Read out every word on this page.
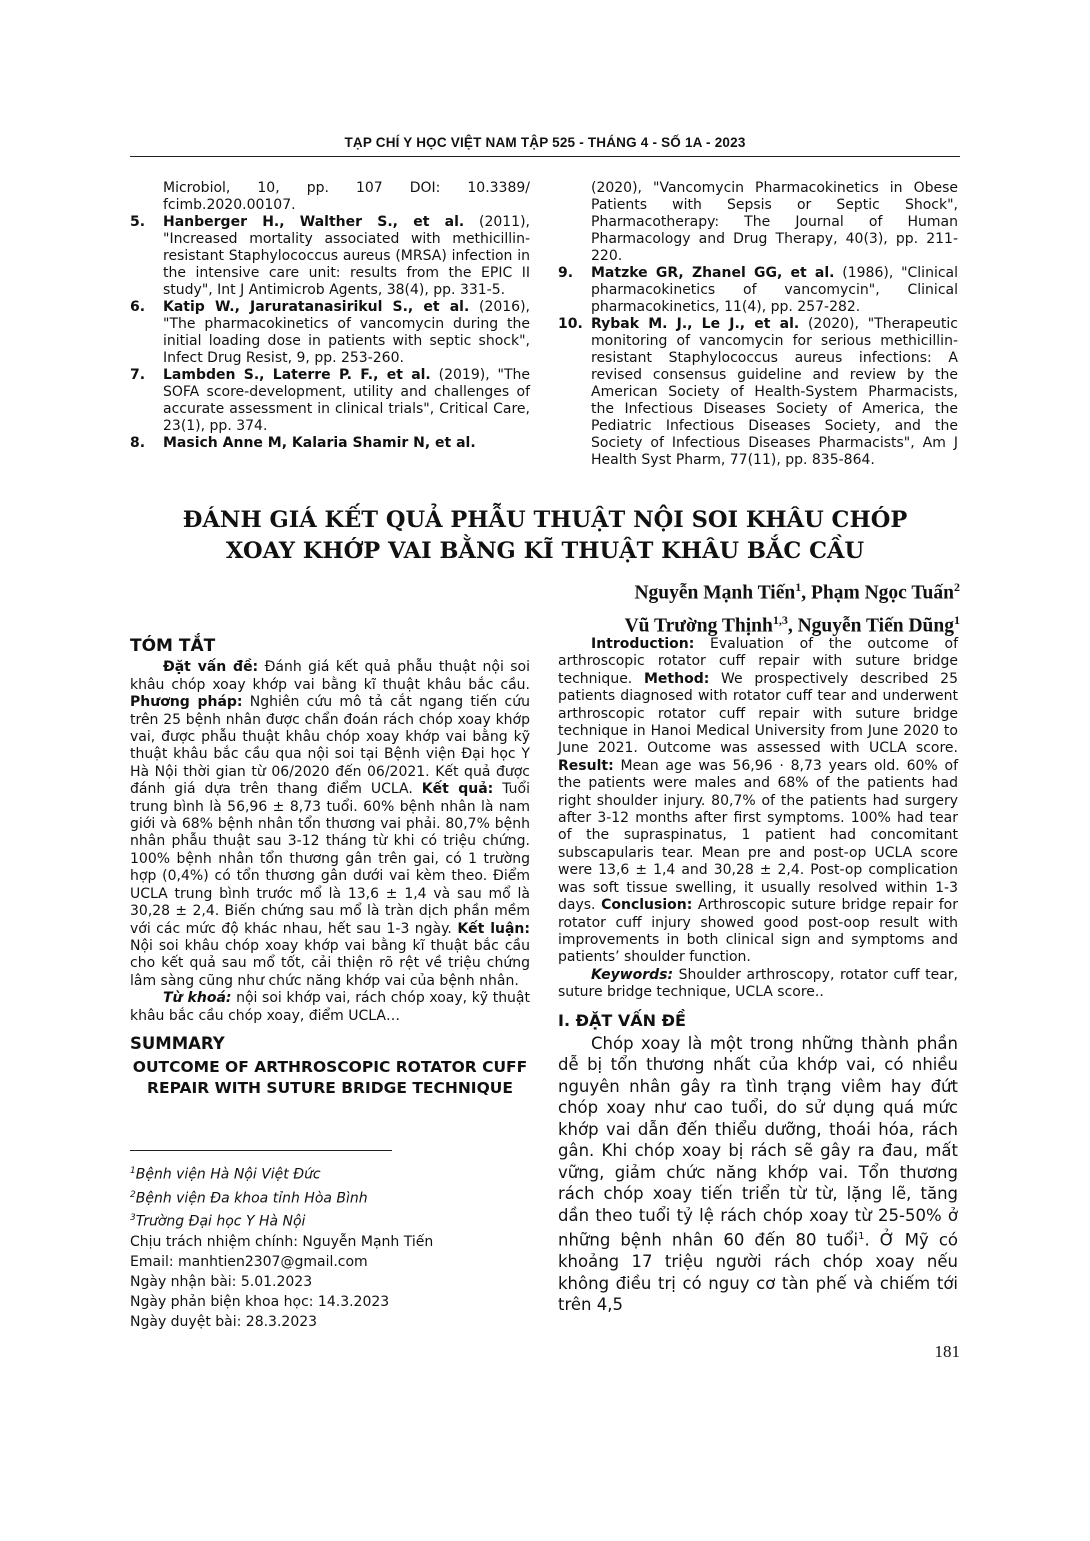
TẠP CHÍ Y HỌC VIỆT NAM TẬP 525 - THÁNG 4 - SỐ 1A - 2023
Microbiol, 10, pp. 107 DOI: 10.3389/ fcimb.2020.00107.
5.	Hanberger H., Walther S., et al. (2011), "Increased mortality associated with methicillin-resistant Staphylococcus aureus (MRSA) infection in the intensive care unit: results from the EPIC II study", Int J Antimicrob Agents, 38(4), pp. 331-5.
6.	Katip W., Jaruratanasirikul S., et al. (2016), "The pharmacokinetics of vancomycin during the initial loading dose in patients with septic shock", Infect Drug Resist, 9, pp. 253-260.
7.	Lambden S., Laterre P. F., et al. (2019), "The SOFA score-development, utility and challenges of accurate assessment in clinical trials", Critical Care, 23(1), pp. 374.
8.	Masich Anne M, Kalaria Shamir N, et al.
(2020), "Vancomycin Pharmacokinetics in Obese Patients with Sepsis or Septic Shock", Pharmacotherapy: The Journal of Human Pharmacology and Drug Therapy, 40(3), pp. 211-220.
9.	Matzke GR, Zhanel GG, et al. (1986), "Clinical pharmacokinetics of vancomycin", Clinical pharmacokinetics, 11(4), pp. 257-282.
10. Rybak M. J., Le J., et al. (2020), "Therapeutic monitoring of vancomycin for serious methicillin-resistant Staphylococcus aureus infections: A revised consensus guideline and review by the American Society of Health-System Pharmacists, the Infectious Diseases Society of America, the Pediatric Infectious Diseases Society, and the Society of Infectious Diseases Pharmacists", Am J Health Syst Pharm, 77(11), pp. 835-864.
ĐÁNH GIÁ KẾT QUẢ PHẪU THUẬT NỘI SOI KHÂU CHÓP
XOAY KHỚP VAI BẰNG KĨ THUẬT KHÂU BẮC CẦU
Nguyễn Mạnh Tiến$^1$, Phạm Ngọc Tuấn$^2$
Vũ Trường Thịnh$^{1,3}$, Nguyễn Tiến Dũng$^1$
TÓM TẮT

Đặt vấn đề: Đánh giá kết quả phẫu thuật nội soi khâu chóp xoay khớp vai bằng kĩ thuật khâu bắc cầu. Phương pháp: Nghiên cứu mô tả cắt ngang tiến cứu trên 25 bệnh nhân được chẩn đoán rách chóp xoay khớp vai, được phẫu thuật khâu chóp xoay khớp vai bằng kỹ thuật khâu bắc cầu qua nội soi tại Bệnh viện Đại học Y Hà Nội thời gian từ 06/2020 đến 06/2021. Kết quả được đánh giá dựa trên thang điểm UCLA. Kết quả: Tuổi trung bình là 56,96 ± 8,73 tuổi. 60% bệnh nhân là nam giới và 68% bệnh nhân tổn thương vai phải. 80,7% bệnh nhân phẫu thuật sau 3-12 tháng từ khi có triệu chứng. 100% bệnh nhân tổn thương gân trên gai, có 1 trường hợp (0,4%) có tổn thương gân dưới vai kèm theo. Điểm UCLA trung bình trước mổ là 13,6 ± 1,4 và sau mổ là 30,28 ± 2,4. Biến chứng sau mổ là tràn dịch phần mềm với các mức độ khác nhau, hết sau 1-3 ngày. Kết luận: Nội soi khâu chóp xoay khớp vai bằng kĩ thuật bắc cầu cho kết quả sau mổ tốt, cải thiện rõ rệt về triệu chứng lâm sàng cũng như chức năng khớp vai của bệnh nhân.

Từ khoá: nội soi khớp vai, rách chóp xoay, kỹ thuật khâu bắc cầu chóp xoay, điểm UCLA…

SUMMARY
OUTCOME OF ARTHROSCOPIC ROTATOR CUFF
REPAIR WITH SUTURE BRIDGE TECHNIQUE
$^1$Bệnh viện Hà Nội Việt Đức
$^2$Bệnh viện Đa khoa tỉnh Hòa Bình
$^3$Trường Đại học Y Hà Nội
Chịu trách nhiệm chính: Nguyễn Mạnh Tiến
Email: manhtien2307@gmail.com
Ngày nhận bài: 5.01.2023
Ngày phản biện khoa học: 14.3.2023
Ngày duyệt bài: 28.3.2023

Introduction: Evaluation of the outcome of arthroscopic rotator cuff repair with suture bridge technique. Method: We prospectively described 25 patients diagnosed with rotator cuff tear and underwent arthroscopic rotator cuff repair with suture bridge technique in Hanoi Medical University from June 2020 to June 2021. Outcome was assessed with UCLA score. Result: Mean age was 56,96 · 8,73 years old. 60% of the patients were males and 68% of the patients had right shoulder injury. 80,7% of the patients had surgery after 3-12 months after first symptoms. 100% had tear of the supraspinatus, 1 patient had concomitant subscapularis tear. Mean pre and post-op UCLA score were 13,6 ± 1,4 and 30,28 ± 2,4. Post-op complication was soft tissue swelling, it usually resolved within 1-3 days. Conclusion: Arthroscopic suture bridge repair for rotator cuff injury showed good post-oop result with improvements in both clinical sign and symptoms and patients’ shoulder function.

Keywords: Shoulder arthroscopy, rotator cuff tear, suture bridge technique, UCLA score..

I. ĐẶT VẤN ĐỀ

Chóp xoay là một trong những thành phần dễ bị tổn thương nhất của khớp vai, có nhiều nguyên nhân gây ra tình trạng viêm hay đứt chóp xoay như cao tuổi, do sử dụng quá mức khớp vai dẫn đến thiểu dưỡng, thoái hóa, rách gân. Khi chóp xoay bị rách sẽ gây ra đau, mất vững, giảm chức năng khớp vai. Tổn thương rách chóp xoay tiến triển từ từ, lặng lẽ, tăng dần theo tuổi tỷ lệ rách chóp xoay từ 25-50% ở những bệnh nhân 60 đến 80 tuổi$^1$. Ở Mỹ có khoảng 17 triệu người rách chóp xoay nếu không điều trị có nguy cơ tàn phế và chiếm tới trên 4,5

181
